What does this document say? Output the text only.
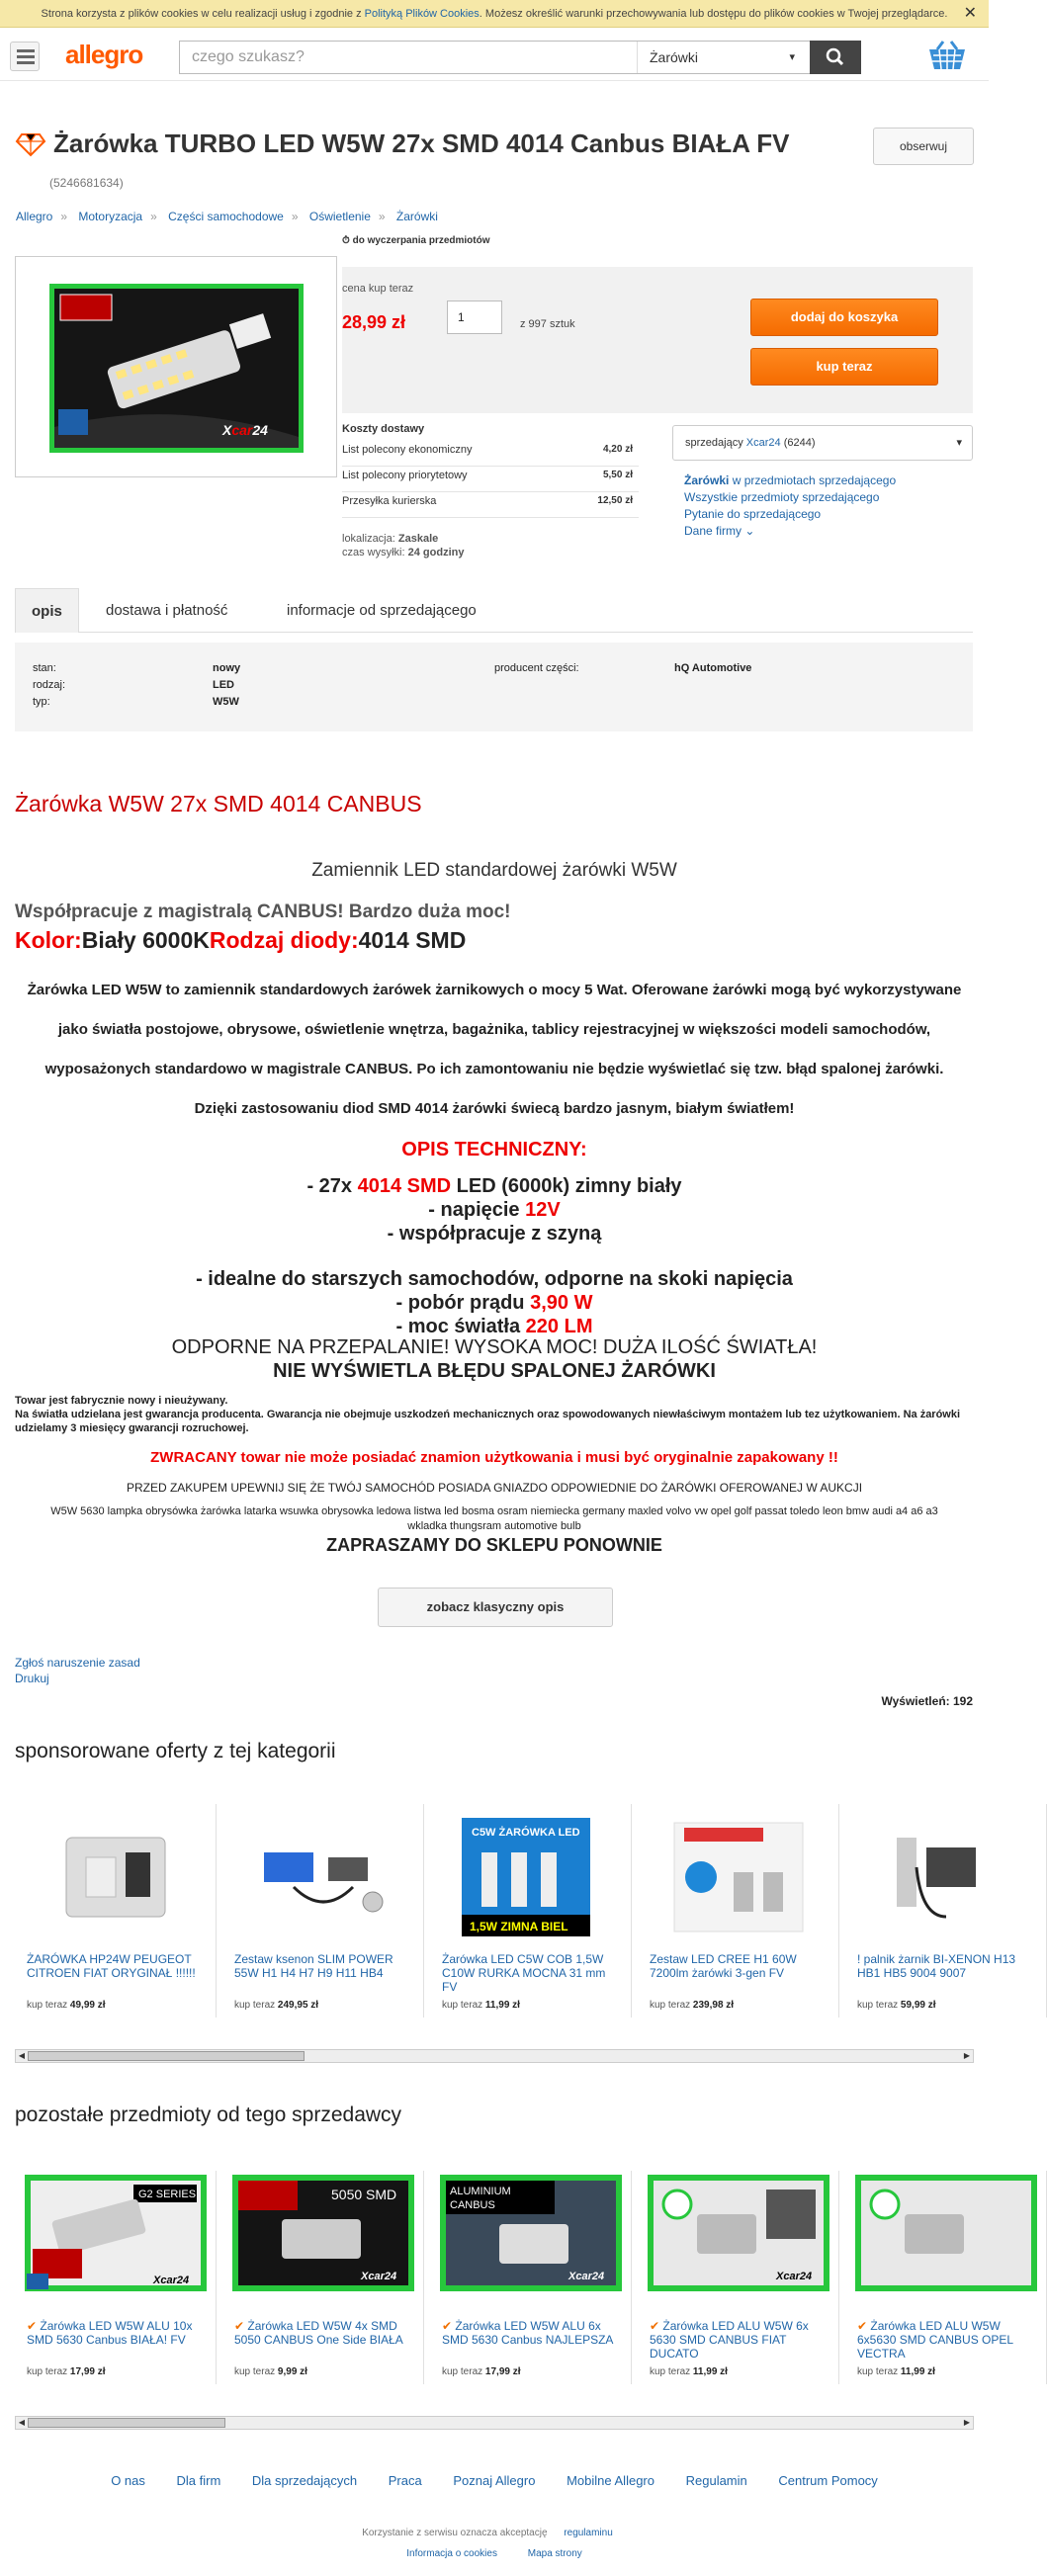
Strona korzysta z plików cookies w celu realizacji usług i zgodnie z Polityką Plików Cookies. Możesz określić warunki przechowywania lub dostępu do plików cookies w Twojej przeglądarce. ✕
allegro
czego szukasz?	Żarówki	▾
Żarówka TURBO LED W5W 27x SMD 4014 Canbus BIAŁA FV
(5246681634)
obserwuj
Allegro » Motoryzacja » Części samochodowe » Oświetlenie » Żarówki
Xcar24
⏱ do wyczerpania przedmiotów
cena kup teraz
28,99 zł	1	z 997 sztuk	dodaj do koszyka
kup teraz
Koszty dostawy
List polecony ekonomiczny	4,20 zł
List polecony priorytetowy	5,50 zł
Przesyłka kurierska	12,50 zł
lokalizacja: Zaskale
czas wysyłki: 24 godziny
sprzedający Xcar24 (6244)	▾
Żarówki w przedmiotach sprzedającego
Wszystkie przedmioty sprzedającego
Pytanie do sprzedającego
Dane firmy ⌄
opis	dostawa i płatność	informacje od sprzedającego
stan:	nowy
rodzaj:	LED
typ:	W5W
producent części:	hQ Automotive
Żarówka W5W 27x SMD 4014 CANBUS
Zamiennik LED standardowej żarówki W5W
Współpracuje z magistralą CANBUS! Bardzo duża moc!
Kolor:Biały 6000KRodzaj diody:4014 SMD
Żarówka LED W5W to zamiennik standardowych żarówek żarnikowych o mocy 5 Wat. Oferowane żarówki mogą być wykorzystywane jako światła postojowe, obrysowe, oświetlenie wnętrza, bagażnika, tablicy rejestracyjnej w większości modeli samochodów, wyposażonych standardowo w magistrale CANBUS. Po ich zamontowaniu nie będzie wyświetlać się tzw. błąd spalonej żarówki. Dzięki zastosowaniu diod SMD 4014 żarówki świecą bardzo jasnym, białym światłem!
OPIS TECHNICZNY:
- 27x 4014 SMD LED (6000k) zimny biały
- napięcie 12V
- współpracuje z szyną
- idealne do starszych samochodów, odporne na skoki napięcia
- pobór prądu 3,90 W
- moc światła 220 LM
ODPORNE NA PRZEPALANIE! WYSOKA MOC! DUŻA ILOŚĆ ŚWIATŁA!
NIE WYŚWIETLA BŁĘDU SPALONEJ ŻARÓWKI
Towar jest fabrycznie nowy i nieużywany.
Na światła udzielana jest gwarancja producenta. Gwarancja nie obejmuje uszkodzeń mechanicznych oraz spowodowanych niewłaściwym montażem lub tez użytkowaniem. Na żarówki udzielamy 3 miesięcy gwarancji rozruchowej.
ZWRACANY towar nie może posiadać znamion użytkowania i musi być oryginalnie zapakowany !!
PRZED ZAKUPEM UPEWNIJ SIĘ ŻE TWÓJ SAMOCHÓD POSIADA GNIAZDO ODPOWIEDNIE DO ŻARÓWKI OFEROWANEJ W AUKCJI
W5W 5630 lampka obrysówka żarówka latarka wsuwka obrysowka ledowa listwa led bosma osram niemiecka germany maxled volvo vw opel golf passat toledo leon bmw audi a4 a6 a3 wkladka thungsram automotive bulb
ZAPRASZAMY DO SKLEPU PONOWNIE
zobacz klasyczny opis
Zgłoś naruszenie zasad
Drukuj
Wyświetleń: 192
sponsorowane oferty z tej kategorii
ŻARÓWKA HP24W PEUGEOT CITROEN FIAT ORYGINAŁ !!!!!!
kup teraz 49,99 zł
Zestaw ksenon SLIM POWER 55W H1 H4 H7 H9 H11 HB4
kup teraz 249,95 zł
C5W ŻARÓWKA LED
1,5W ZIMNA BIEL
Żarówka LED C5W COB 1,5W C10W RURKA MOCNA 31 mm FV
kup teraz 11,99 zł
Zestaw LED CREE H1 60W 7200lm żarówki 3-gen FV
kup teraz 239,98 zł
! palnik żarnik BI-XENON H13 HB1 HB5 9004 9007
kup teraz 59,99 zł
◀	▶
pozostałe przedmioty od tego sprzedawcy
G2 SERIES
Xcar24
✔ Żarówka LED W5W ALU 10x SMD 5630 Canbus BIAŁA! FV
kup teraz 17,99 zł
5050 SMD
Xcar24
✔ Żarówka LED W5W 4x SMD 5050 CANBUS One Side BIAŁA
kup teraz 9,99 zł
ALUMINIUM
CANBUS
Xcar24
✔ Żarówka LED W5W ALU 6x SMD 5630 Canbus NAJLEPSZA
kup teraz 17,99 zł
Xcar24
✔ Żarówka LED ALU W5W 6x 5630 SMD CANBUS FIAT DUCATO
kup teraz 11,99 zł
✔ Żarówka LED ALU W5W 6x5630 SMD CANBUS OPEL VECTRA
kup teraz 11,99 zł
◀	▶
O nas Dla firm Dla sprzedających Praca Poznaj Allegro Mobilne Allegro Regulamin Centrum Pomocy
Korzystanie z serwisu oznacza akceptację regulaminu
Informacja o cookies	Mapa strony
